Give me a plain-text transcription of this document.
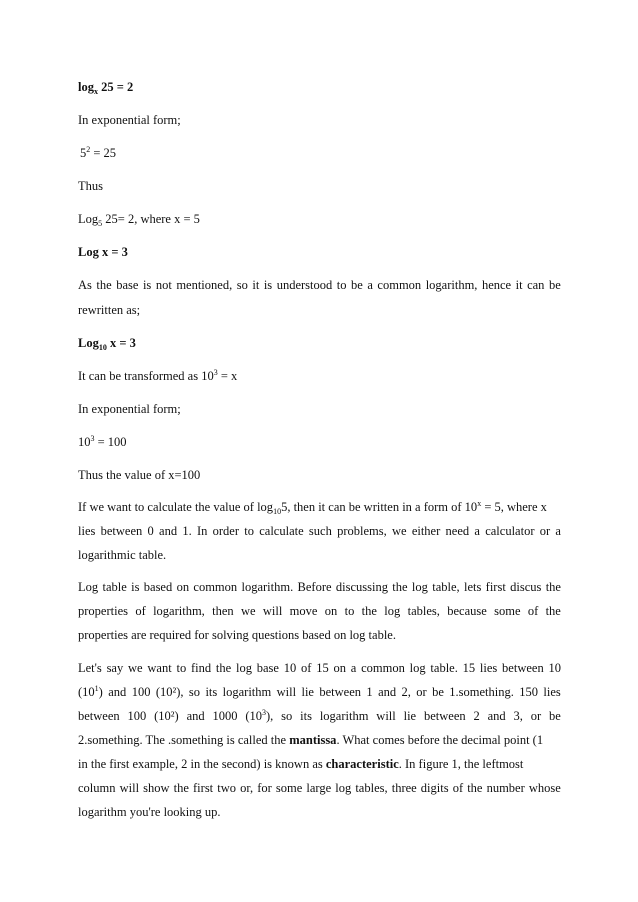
$\log_x 25 = 2$
In exponential form;
$5^2 = 25$
Thus
Log$_5$ 25= 2, where x = 5
Log x = 3
As the base is not mentioned, so it is understood to be a common logarithm, hence it can be
rewritten as;
Log$_{10}$ x = 3
It can be transformed as $10^3 = x$
In exponential form;
$10^3 = 100$
Thus the value of x=100
If we want to calculate the value of $\log_{10}5$, then it can be written in a form of $10^x = 5$, where x
lies between 0 and 1. In order to calculate such problems, we either need a calculator or a
logarithmic table.
Log table is based on common logarithm. Before discussing the log table, lets first discus the
properties of logarithm, then we will move on to the log tables, because some of the
properties are required for solving questions based on log table.
Let's say we want to find the log base 10 of 15 on a common log table. 15 lies between 10
$(10^1)$ and 100 (10²), so its logarithm will lie between 1 and 2, or be 1.something. 150 lies
between 100 (10²) and 1000 $(10^3)$, so its logarithm will lie between 2 and 3, or be
2.something. The .something is called the mantissa. What comes before the decimal point (1
in the first example, 2 in the second) is known as characteristic. In figure 1, the leftmost
column will show the first two or, for some large log tables, three digits of the number whose
logarithm you're looking up.
